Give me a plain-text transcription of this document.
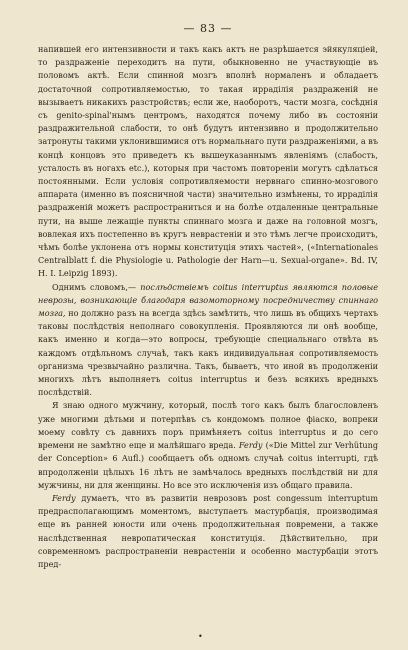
— 83 —

напившей его интензивности и такъ какъ актъ не разрѣшается эйякуляціей, то раздраженіе переходитъ на пути, обыкновенно не участвующіе въ половомъ актѣ. Если спинной мозгъ вполнѣ нормаленъ и обладаетъ достаточной сопротивляемостью, то такая ирраділія раздраженій не вызываетъ никакихъ разстройствъ; если же, наоборотъ, части мозга, сосѣднія съ genito-spinal'нымъ центромъ, находятся почему либо въ состояніи раздражительной слабости, то онѣ будутъ интензивно и продолжительно затронуты такими уклонившимися отъ нормальнаго пути раздраженіями, а въ концѣ концовъ это приведетъ къ вышеуказаннымъ явленіямъ (слабость, усталость въ ногахъ etc.), которыя при частомъ повтореніи могутъ сдѣлаться постоянными. Если условія сопротивляемости нервнаго спинно-мозгового аппарата (именно въ поясничной части) значительно измѣнены, то ирраділія раздраженій можетъ распространиться и на болѣе отдаленные центральные пути, на выше лежащіе пункты спиннаго мозга и даже на головной мозгъ, вовлекая ихъ постепенно въ кругъ неврастеніи и это тѣмъ легче происходитъ, чѣмъ болѣе уклонена отъ нормы конституція этихъ частей», («Internationales Centralblatt f. die Physiologie u. Pathologie der Harn—u. Sexual-organe». Bd. IV, H. I. Leipzig 1893).

Однимъ словомъ,— послѣдствіемъ coitus interruptus являются половые неврозы, возникающіе благодаря вазомоторному посредничеству спиннаго мозга, но должно разъ на всегда здѣсь замѣтить, что лишь въ общихъ чертахъ таковы послѣдствія неполнаго совокупленія. Проявляются ли онѣ вообще, какъ именно и когда—это вопросы, требующіе специальнаго отвѣта въ каждомъ отдѣльномъ случаѣ, такъ какъ индивидуальная сопротивляемость организма чрезвычайно различна. Такъ, бываетъ, что иной въ продолженіи многихъ лѣтъ выполняетъ coitus interruptus и безъ всякихъ вредныхъ послѣдствій.

Я знаю одного мужчину, который, послѣ того какъ былъ благословленъ уже многими дѣтьми и потерпѣвъ съ кондомомъ полное фіаско, вопреки моему совѣту съ давнихъ поръ примѣняетъ coitus interruptus и до сего времени не замѣтно еще и малѣйшаго вреда. Ferdy («Die Mittel zur Verhütung der Conception» 6 Aufl.) сообщаетъ объ одномъ случаѣ coitus interrupti, гдѣ впродолженіи цѣлыхъ 16 лѣтъ не замѣчалось вредныхъ послѣдствій ни для мужчины, ни для женщины. Но все это исключенія изъ общаго правила.

Ferdy думаетъ, что въ развитіи неврозовъ post congessum interruptum предрасполагающимъ моментомъ, выступаетъ мастурбація, производимая еще въ ранней юности или очень продолжительная повремени, а также наслѣдственная невропатическая конституція. Дѣйствительно, при современномъ распространеніи неврастеніи и особенно мастурбаціи этотъ пред-

•
